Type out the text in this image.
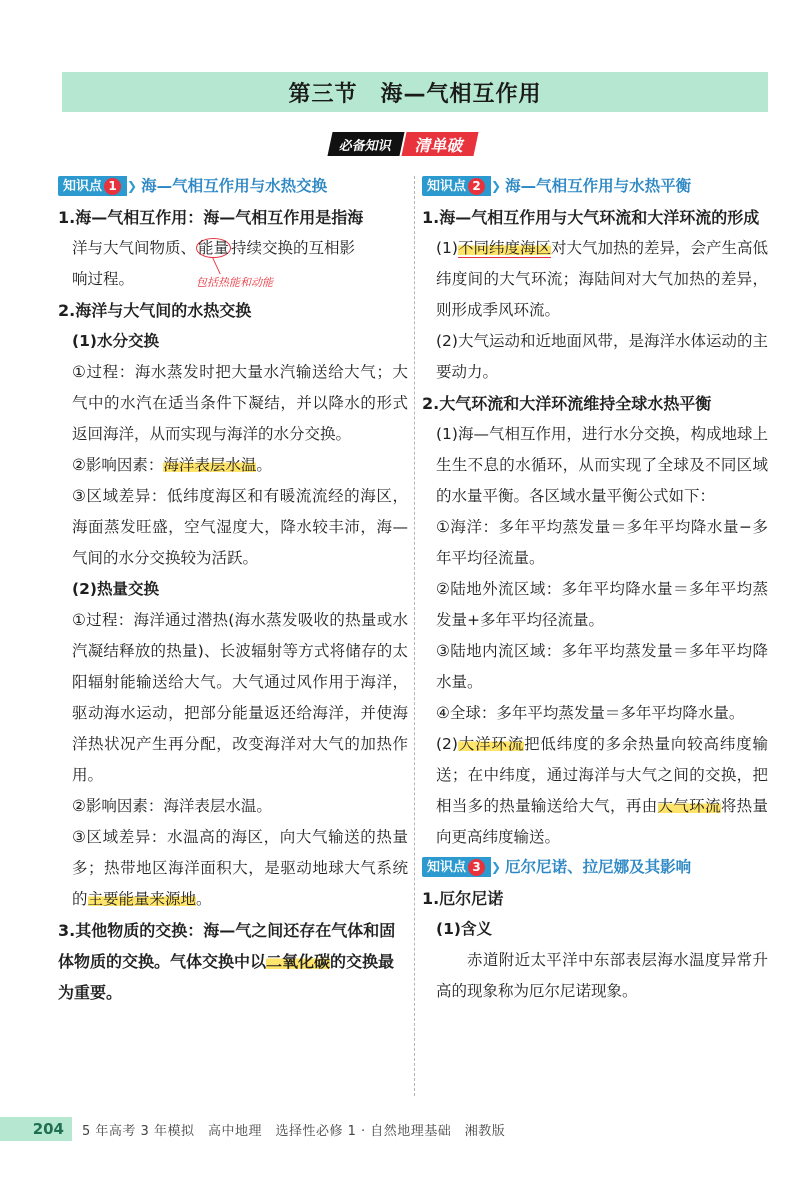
第三节　海—气相互作用
必备知识	清单破
知识点 1 ❯ 海—气相互作用与水热交换
1.海—气相互作用：海—气相互作用是指海
洋与大气间物质、 能量 持续交换的互相影
响过程。
2.海洋与大气间的水热交换
(1)水分交换
①过程：海水蒸发时把大量水汽输送给大气；大气中的水汽在适当条件下凝结，并以降水的形式返回海洋，从而实现与海洋的水分交换。
②影响因素：海洋表层水温。
③区域差异：低纬度海区和有暖流流经的海区，海面蒸发旺盛，空气湿度大，降水较丰沛，海—气间的水分交换较为活跃。
(2)热量交换
①过程：海洋通过潜热(海水蒸发吸收的热量或水汽凝结释放的热量)、长波辐射等方式将储存的太阳辐射能输送给大气。大气通过风作用于海洋，驱动海水运动，把部分能量返还给海洋，并使海洋热状况产生再分配，改变海洋对大气的加热作用。
②影响因素：海洋表层水温。
③区域差异：水温高的海区，向大气输送的热量多；热带地区海洋面积大，是驱动地球大气系统的主要能量来源地。
3.其他物质的交换：海—气之间还存在气体和固体物质的交换。气体交换中以二氧化碳的交换最为重要。
包括热能和动能
知识点 2 ❯ 海—气相互作用与水热平衡
1.海—气相互作用与大气环流和大洋环流的形成
(1)不同纬度海区对大气加热的差异，会产生高低纬度间的大气环流；海陆间对大气加热的差异，则形成季风环流。
(2)大气运动和近地面风带，是海洋水体运动的主要动力。
2.大气环流和大洋环流维持全球水热平衡
(1)海—气相互作用，进行水分交换，构成地球上生生不息的水循环，从而实现了全球及不同区域的水量平衡。各区域水量平衡公式如下：
①海洋：多年平均蒸发量＝多年平均降水量−多年平均径流量。
②陆地外流区域：多年平均降水量＝多年平均蒸发量+多年平均径流量。
③陆地内流区域：多年平均蒸发量＝多年平均降水量。
④全球：多年平均蒸发量＝多年平均降水量。
(2)大洋环流把低纬度的多余热量向较高纬度输送；在中纬度，通过海洋与大气之间的交换，把相当多的热量输送给大气，再由大气环流将热量向更高纬度输送。
知识点 3 ❯ 厄尔尼诺、拉尼娜及其影响
1.厄尔尼诺
(1)含义
赤道附近太平洋中东部表层海水温度异常升高的现象称为厄尔尼诺现象。
204	5 年高考 3 年模拟　高中地理　选择性必修 1 · 自然地理基础　湘教版
